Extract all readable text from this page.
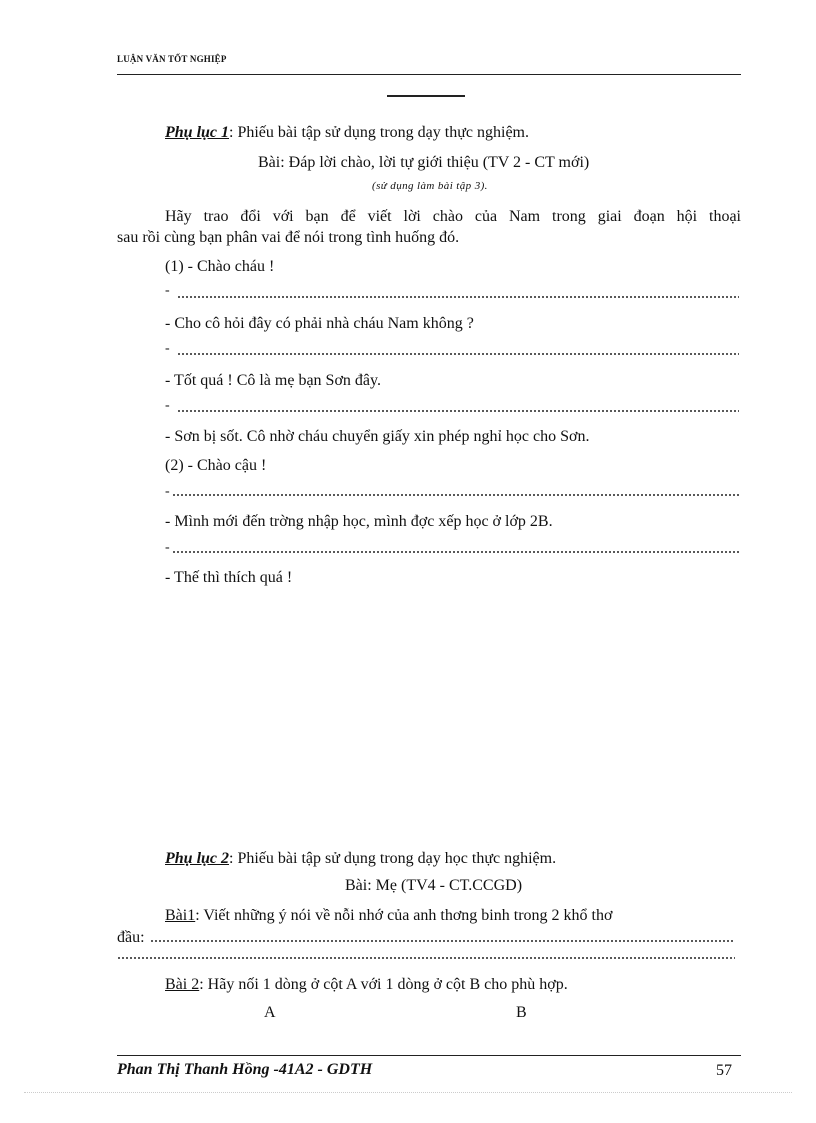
LUẬN VĂN TỐT NGHIỆP
Phụ lục 1: Phiếu bài tập sử dụng trong dạy thực nghiệm.
Bài: Đáp lời chào, lời tự giới thiệu (TV 2 - CT mới)
(sử dụng làm bài tập 3).
Hãy trao đổi với bạn để viết lời chào của Nam trong giai đoạn hội thoại
sau rồi cùng bạn phân vai để nói trong tình huống đó.
(1) - Chào cháu !
-
- Cho cô hỏi đây có phải nhà cháu Nam không ?
-
- Tốt quá ! Cô là mẹ bạn Sơn đây.
-
- Sơn bị sốt. Cô nhờ cháu chuyển giấy xin phép nghỉ học cho Sơn.
(2) - Chào cậu !
-
- Mình mới đến trờng nhập học, mình đợc xếp học ở lớp 2B.
-
- Thế thì thích quá !
Phụ lục 2: Phiếu bài tập sử dụng trong dạy học thực nghiệm.
Bài: Mẹ (TV4 - CT.CCGD)
Bài1: Viết những ý nói về nỗi nhớ của anh thơng binh trong 2 khổ thơ
đầu:
Bài 2: Hãy nối 1 dòng ở cột A với 1 dòng ở cột B cho phù hợp.
A	B
Phan Thị Thanh Hồng -41A2 - GDTH	57
